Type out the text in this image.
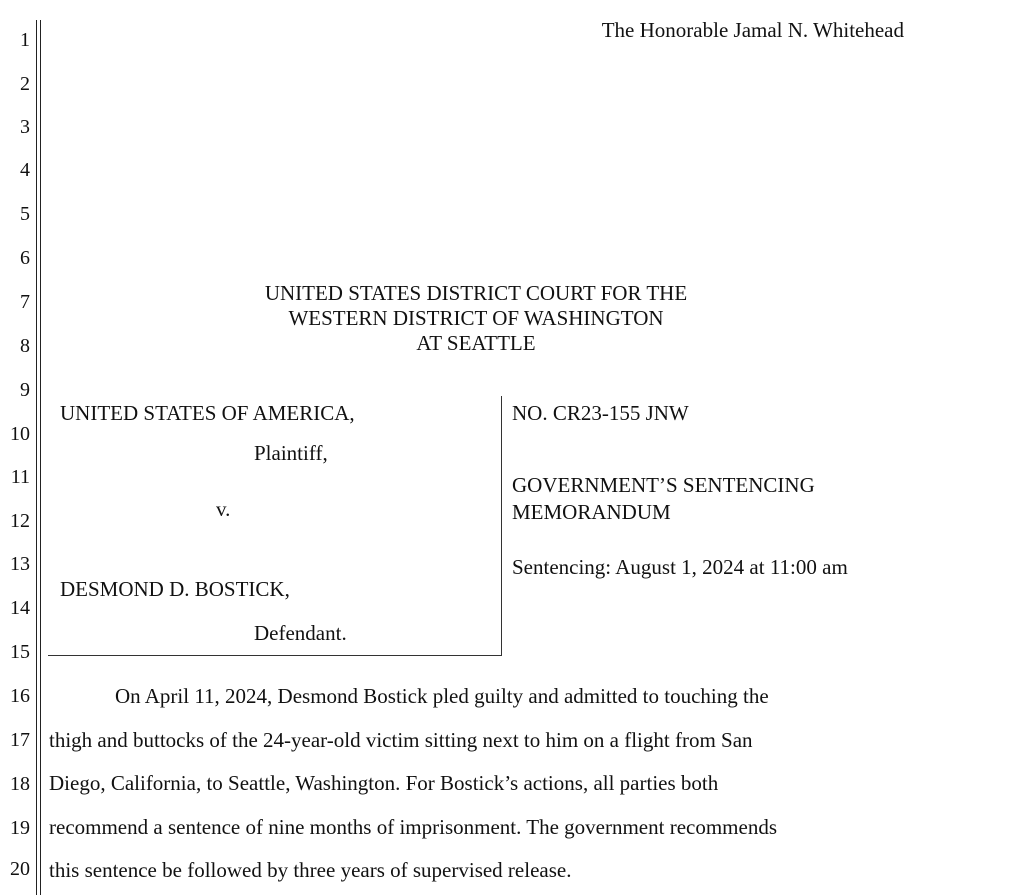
1
2
3
4
5
6
7
8
9
10
11
12
13
14
15
16
17
18
19
20
The Honorable Jamal N. Whitehead
UNITED STATES DISTRICT COURT FOR THE
WESTERN DISTRICT OF WASHINGTON
AT SEATTLE
UNITED STATES OF AMERICA,
Plaintiff,
v.
DESMOND D. BOSTICK,
Defendant.
NO. CR23-155 JNW
GOVERNMENT’S SENTENCING
MEMORANDUM
Sentencing: August 1, 2024 at 11:00 am
On April 11, 2024, Desmond Bostick pled guilty and admitted to touching the
thigh and buttocks of the 24-year-old victim sitting next to him on a flight from San
Diego, California, to Seattle, Washington. For Bostick’s actions, all parties both
recommend a sentence of nine months of imprisonment. The government recommends
this sentence be followed by three years of supervised release.
